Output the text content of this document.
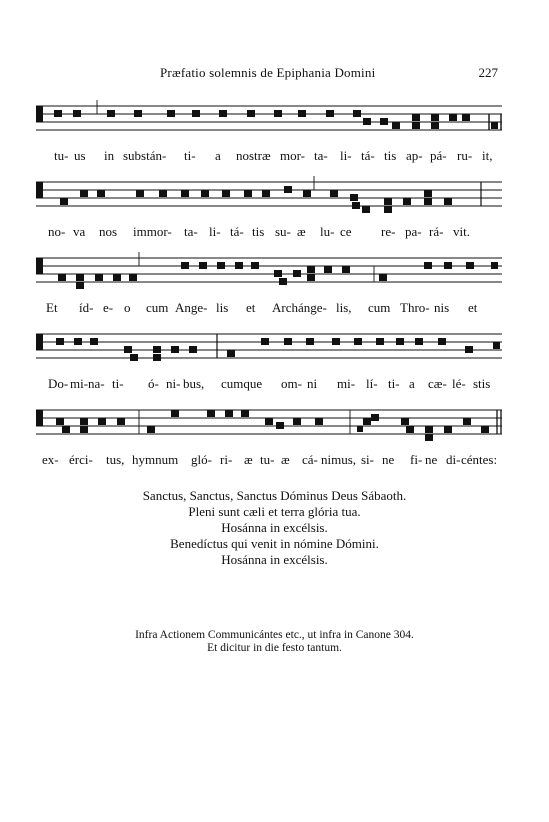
Præfatio solemnis de Epiphania Domini	227
tu- us in substán- ti- a nostræ mor- ta- li- tá- tis ap- pá- ru- it,
no- va nos immor- ta- li- tá- tis su- æ lu- ce re- pa- rá- vit.
Et íd- e- o cum Ange- lis et Archánge- lis, cum Thro- nis et
Do- mi- na- ti- ó- ni- bus, cumque om- ni mi- lí- ti- a cæ- lé- stis
ex- érci- tus, hymnum gló- ri- æ tu- æ cá- nimus, si- ne fi- ne di- céntes:
Sanctus, Sanctus, Sanctus Dóminus Deus Sábaoth.
Pleni sunt cæli et terra glória tua.
Hosánna in excélsis.
Benedíctus qui venit in nómine Dómini.
Hosánna in excélsis.
Infra Actionem Communicántes etc., ut infra in Canone 304.
Et dicitur in die festo tantum.
